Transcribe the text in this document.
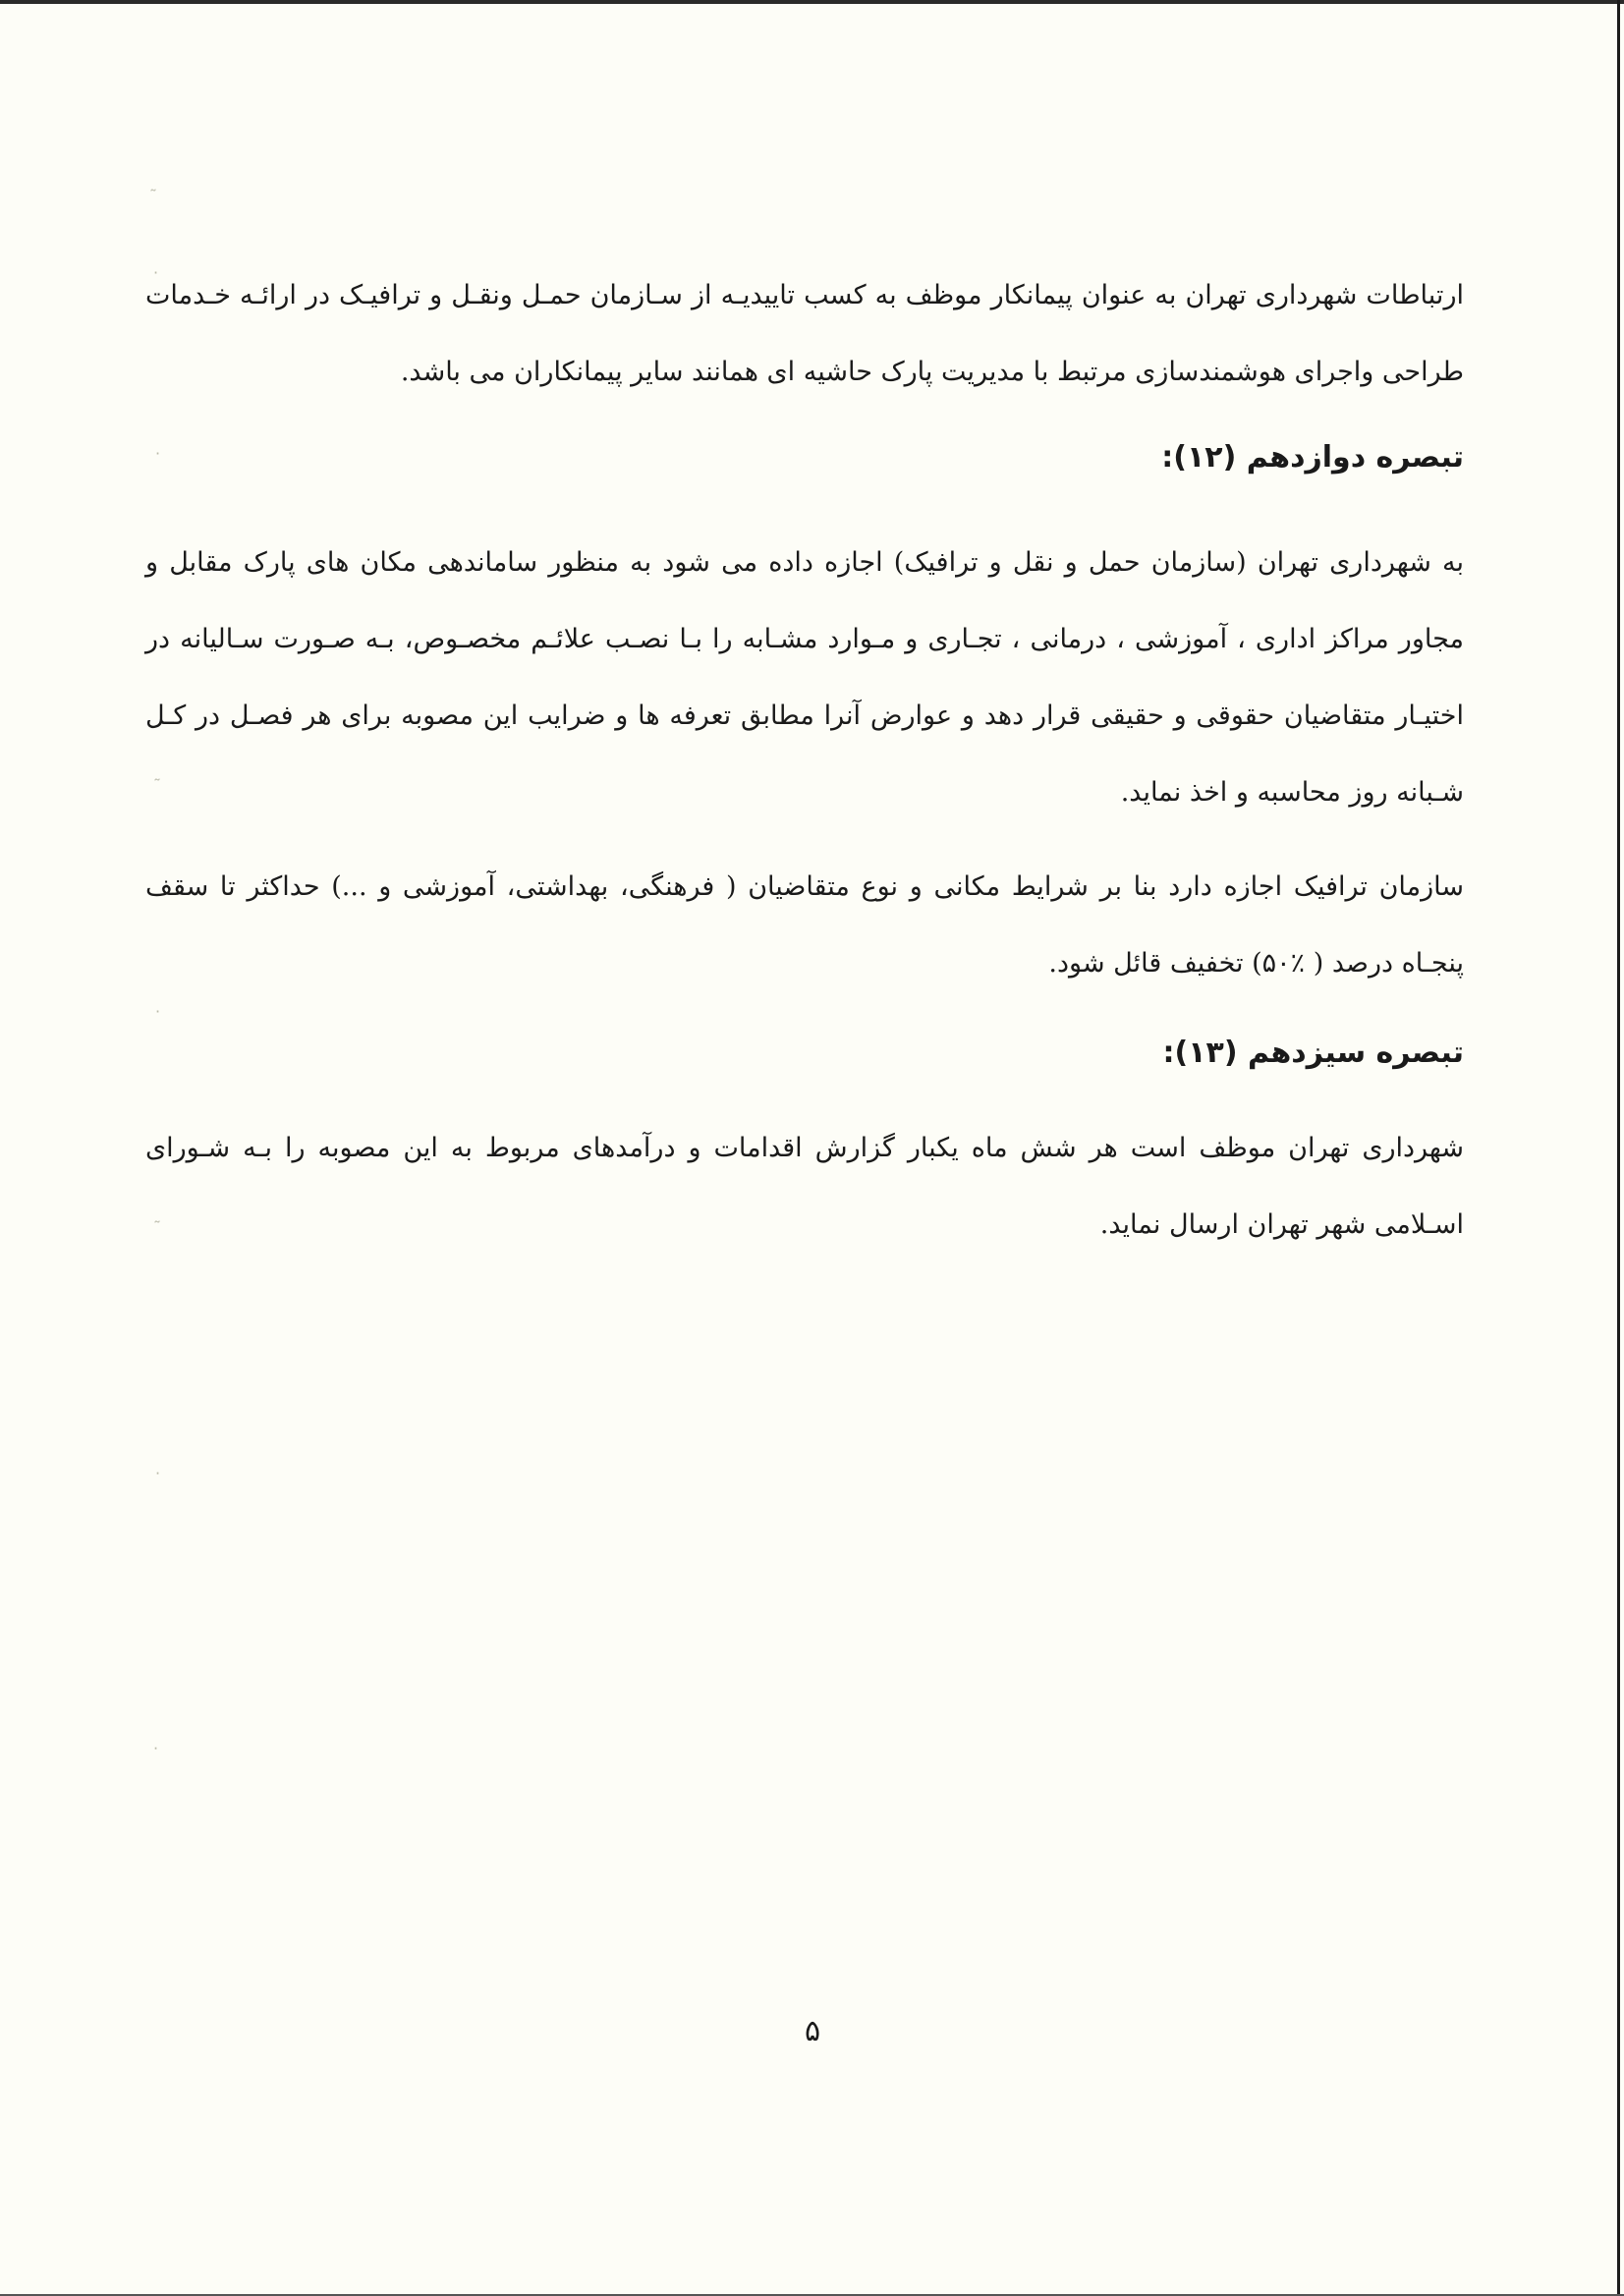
˜
·
·
˜
·
˜
·
·

ارتباطات شهرداری تهران به عنوان پیمانکار موظف به کسب تاییدیـه از سـازمان حمـل ونقـل و ترافیـک در ارائـه خـدمات طراحی واجرای هوشمندسازی مرتبط با مدیریت پارک حاشیه ای همانند سایر پیمانکاران می باشد.

تبصره دوازدهم (۱۲):

به شهرداری تهران (سازمان حمل و نقل و ترافیک) اجازه داده می شود به منظور ساماندهی مکان های پارک مقابل و مجاور مراکز اداری ، آموزشی ، درمانی ، تجـاری و مـوارد مشـابه را بـا نصـب علائـم مخصـوص، بـه صـورت سـالیانه در اختیـار متقاضیان حقوقی و حقیقی قرار دهد و عوارض آنرا مطابق تعرفه ها و ضرایب این مصوبه برای هر فصـل در کـل شـبانه روز محاسبه و اخذ نماید.

سازمان ترافیک اجازه دارد بنا بر شرایط مکانی و نوع متقاضیان ( فرهنگی، بهداشتی، آموزشی و ...) حداکثر تا سقف پنجـاه درصد ( ٪۵۰) تخفیف قائل شود.

تبصره سیزدهم (۱۳):

شهرداری تهران موظف است هر شش ماه یکبار گزارش اقدامات و درآمدهای مربوط به این مصوبه را بـه شـورای اسـلامی شهر تهران ارسال نماید.

۵
